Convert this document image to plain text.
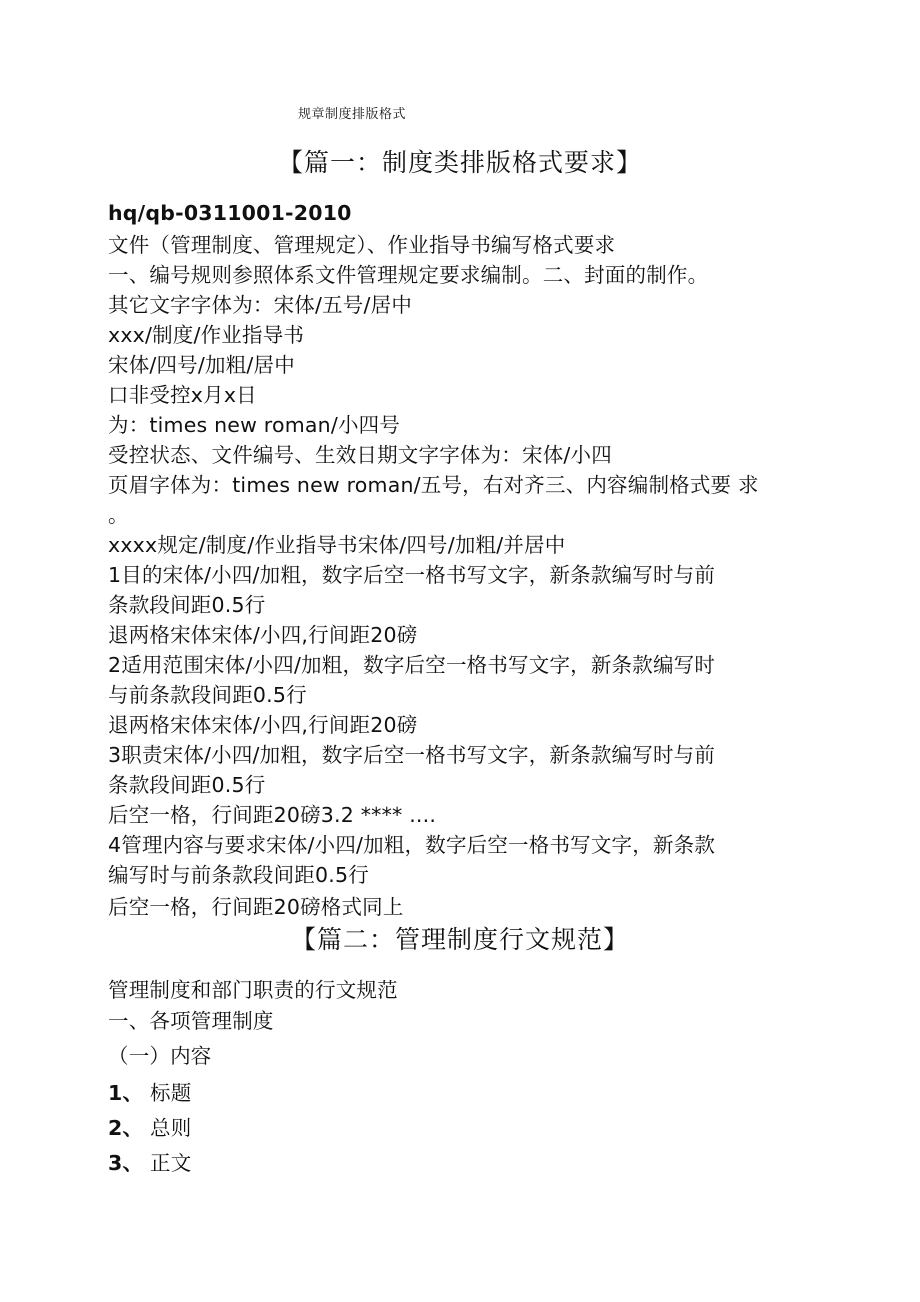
规章制度排版格式
【篇一：制度类排版格式要求】
hq/qb-0311001-2010
文件（管理制度、管理规定）、作业指导书编写格式要求
一、编号规则参照体系文件管理规定要求编制。二、封面的制作。
其它文字字体为：宋体/五号/居中
xxx/制度/作业指导书
宋体/四号/加粗/居中
口非受控x月x日
为：times new roman/小四号
受控状态、文件编号、生效日期文字字体为：宋体/小四
页眉字体为：times new roman/五号，右对齐三、内容编制格式要 求
。
xxxx规定/制度/作业指导书宋体/四号/加粗/并居中
1目的宋体/小四/加粗，数字后空一格书写文字，新条款编写时与前
条款段间距0.5行
退两格宋体宋体/小四,行间距20磅
2适用范围宋体/小四/加粗，数字后空一格书写文字，新条款编写时
与前条款段间距0.5行
退两格宋体宋体/小四,行间距20磅
3职责宋体/小四/加粗，数字后空一格书写文字，新条款编写时与前
条款段间距0.5行
后空一格，行间距20磅3.2 **** ....
4管理内容与要求宋体/小四/加粗，数字后空一格书写文字，新条款
编写时与前条款段间距0.5行
后空一格，行间距20磅格式同上
【篇二：管理制度行文规范】
管理制度和部门职责的行文规范
一、各项管理制度
（一）内容
1、 标题
2、 总则
3、 正文
